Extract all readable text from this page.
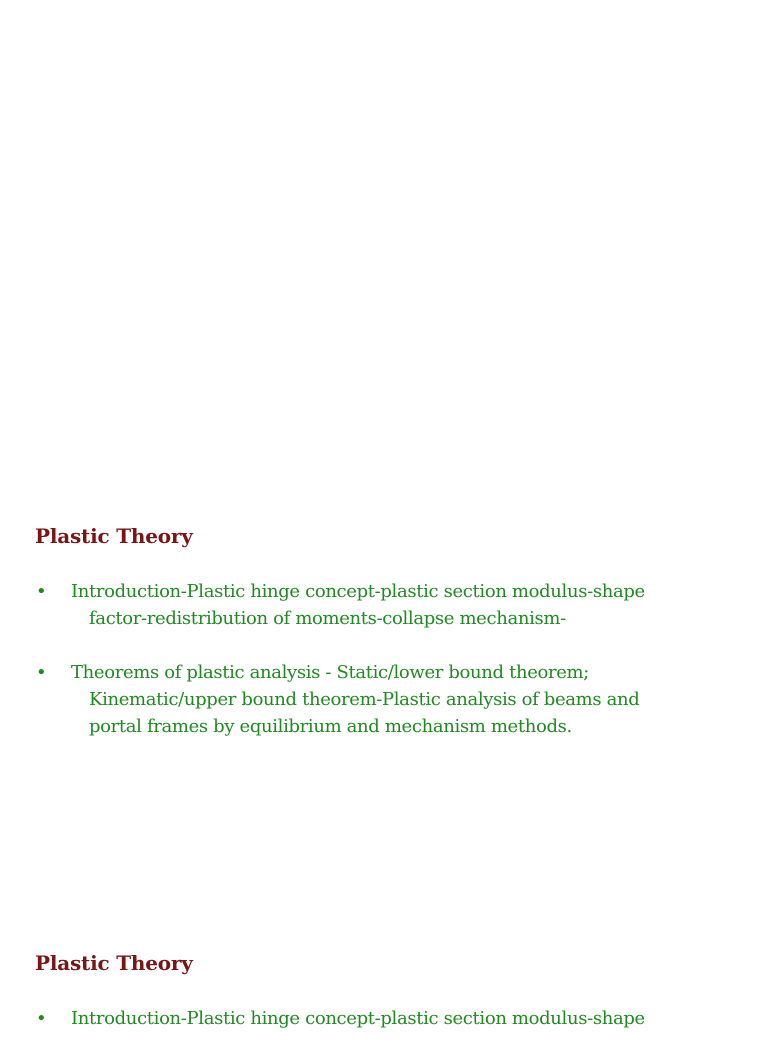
Plastic Theory
• Introduction-Plastic hinge concept-plastic section modulus-shape
factor-redistribution of moments-collapse mechanism-
• Theorems of plastic analysis - Static/lower bound theorem;
Kinematic/upper bound theorem-Plastic analysis of beams and
portal frames by equilibrium and mechanism methods.
Plastic Theory
• Introduction-Plastic hinge concept-plastic section modulus-shape
